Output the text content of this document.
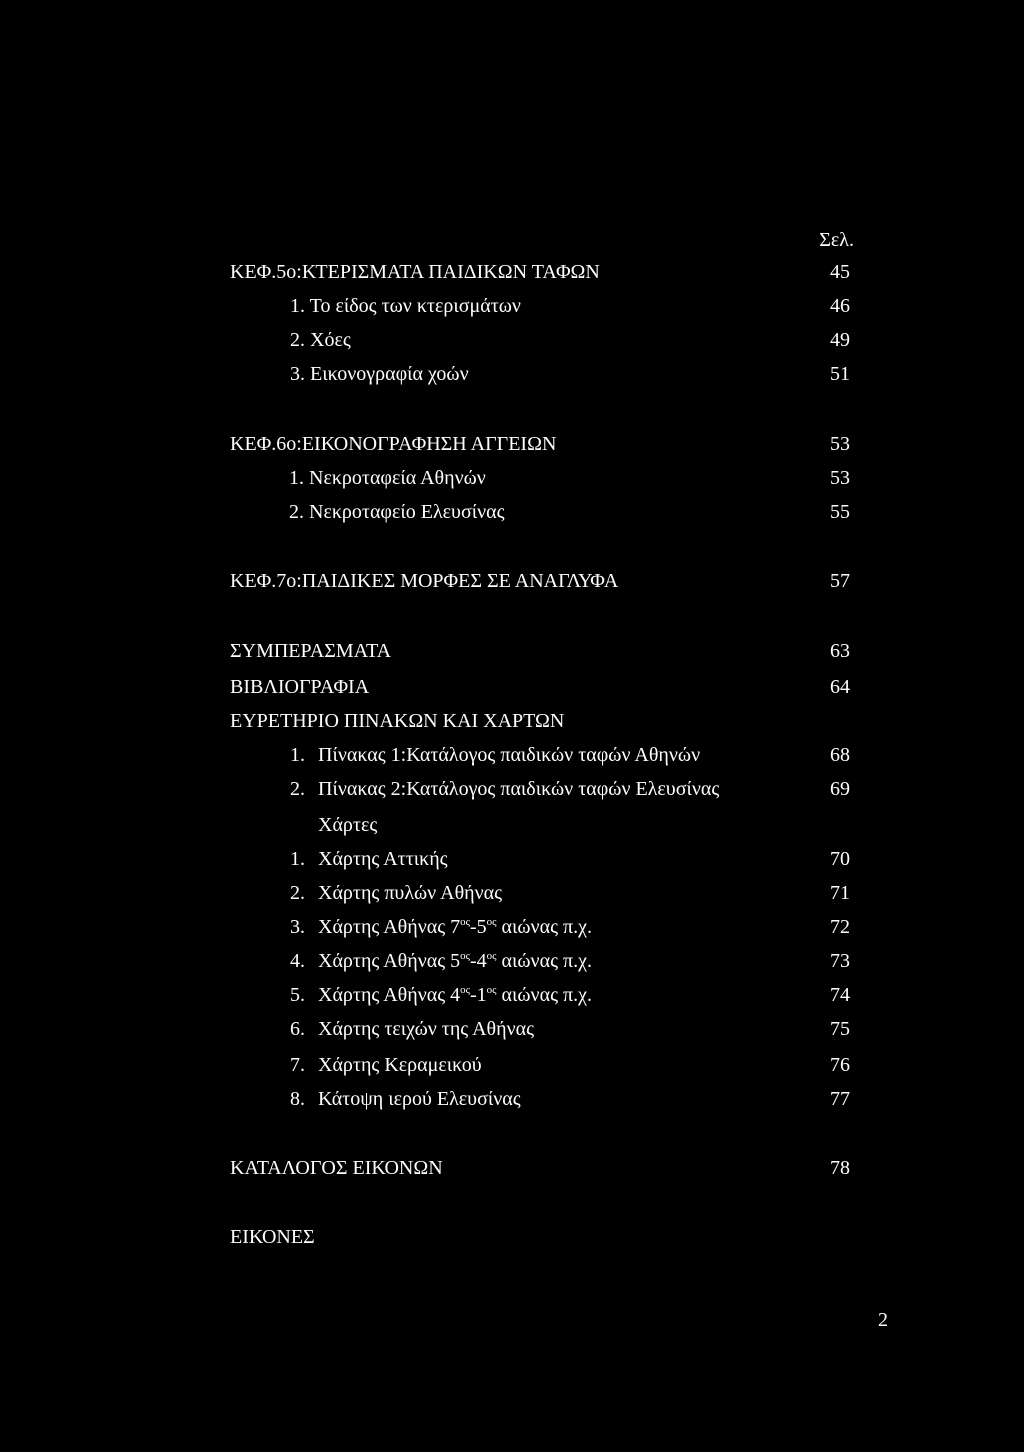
Σελ.
ΚΕΦ.5ο:ΚΤΕΡΙΣΜΑΤΑ ΠΑΙΔΙΚΩΝ ΤΑΦΩΝ	45
1. Το είδος των κτερισμάτων	46
2. Χόες	49
3. Εικονογραφία χοών	51
ΚΕΦ.6ο:ΕΙΚΟΝΟΓΡΑΦΗΣΗ ΑΓΓΕΙΩΝ	53
1. Νεκροταφεία Αθηνών	53
2. Νεκροταφείο Ελευσίνας	55
ΚΕΦ.7ο:ΠΑΙΔΙΚΕΣ ΜΟΡΦΕΣ ΣΕ ΑΝΑΓΛΥΦΑ	57
ΣΥΜΠΕΡΑΣΜΑΤΑ	63
ΒΙΒΛΙΟΓΡΑΦΙΑ	64
ΕΥΡΕΤΗΡΙΟ ΠΙΝΑΚΩΝ ΚΑΙ ΧΑΡΤΩΝ
1. Πίνακας 1:Κατάλογος παιδικών ταφών Αθηνών	68
2. Πίνακας 2:Κατάλογος παιδικών ταφών Ελευσίνας	69
Χάρτες
1. Χάρτης Αττικής	70
2. Χάρτης πυλών Αθήνας	71
3. Χάρτης Αθήνας $7^{o\varsigma}-5^{o\varsigma}$ αιώνας π.χ.	72
4. Χάρτης Αθήνας $5^{o\varsigma}-4^{o\varsigma}$ αιώνας π.χ.	73
5. Χάρτης Αθήνας $4^{o\varsigma}-1^{o\varsigma}$ αιώνας π.χ.	74
6. Χάρτης τειχών της Αθήνας	75
7. Χάρτης Κεραμεικού	76
8. Κάτοψη ιερού Ελευσίνας	77
ΚΑΤΑΛΟΓΟΣ ΕΙΚΟΝΩΝ	78
ΕΙΚΟΝΕΣ
2
